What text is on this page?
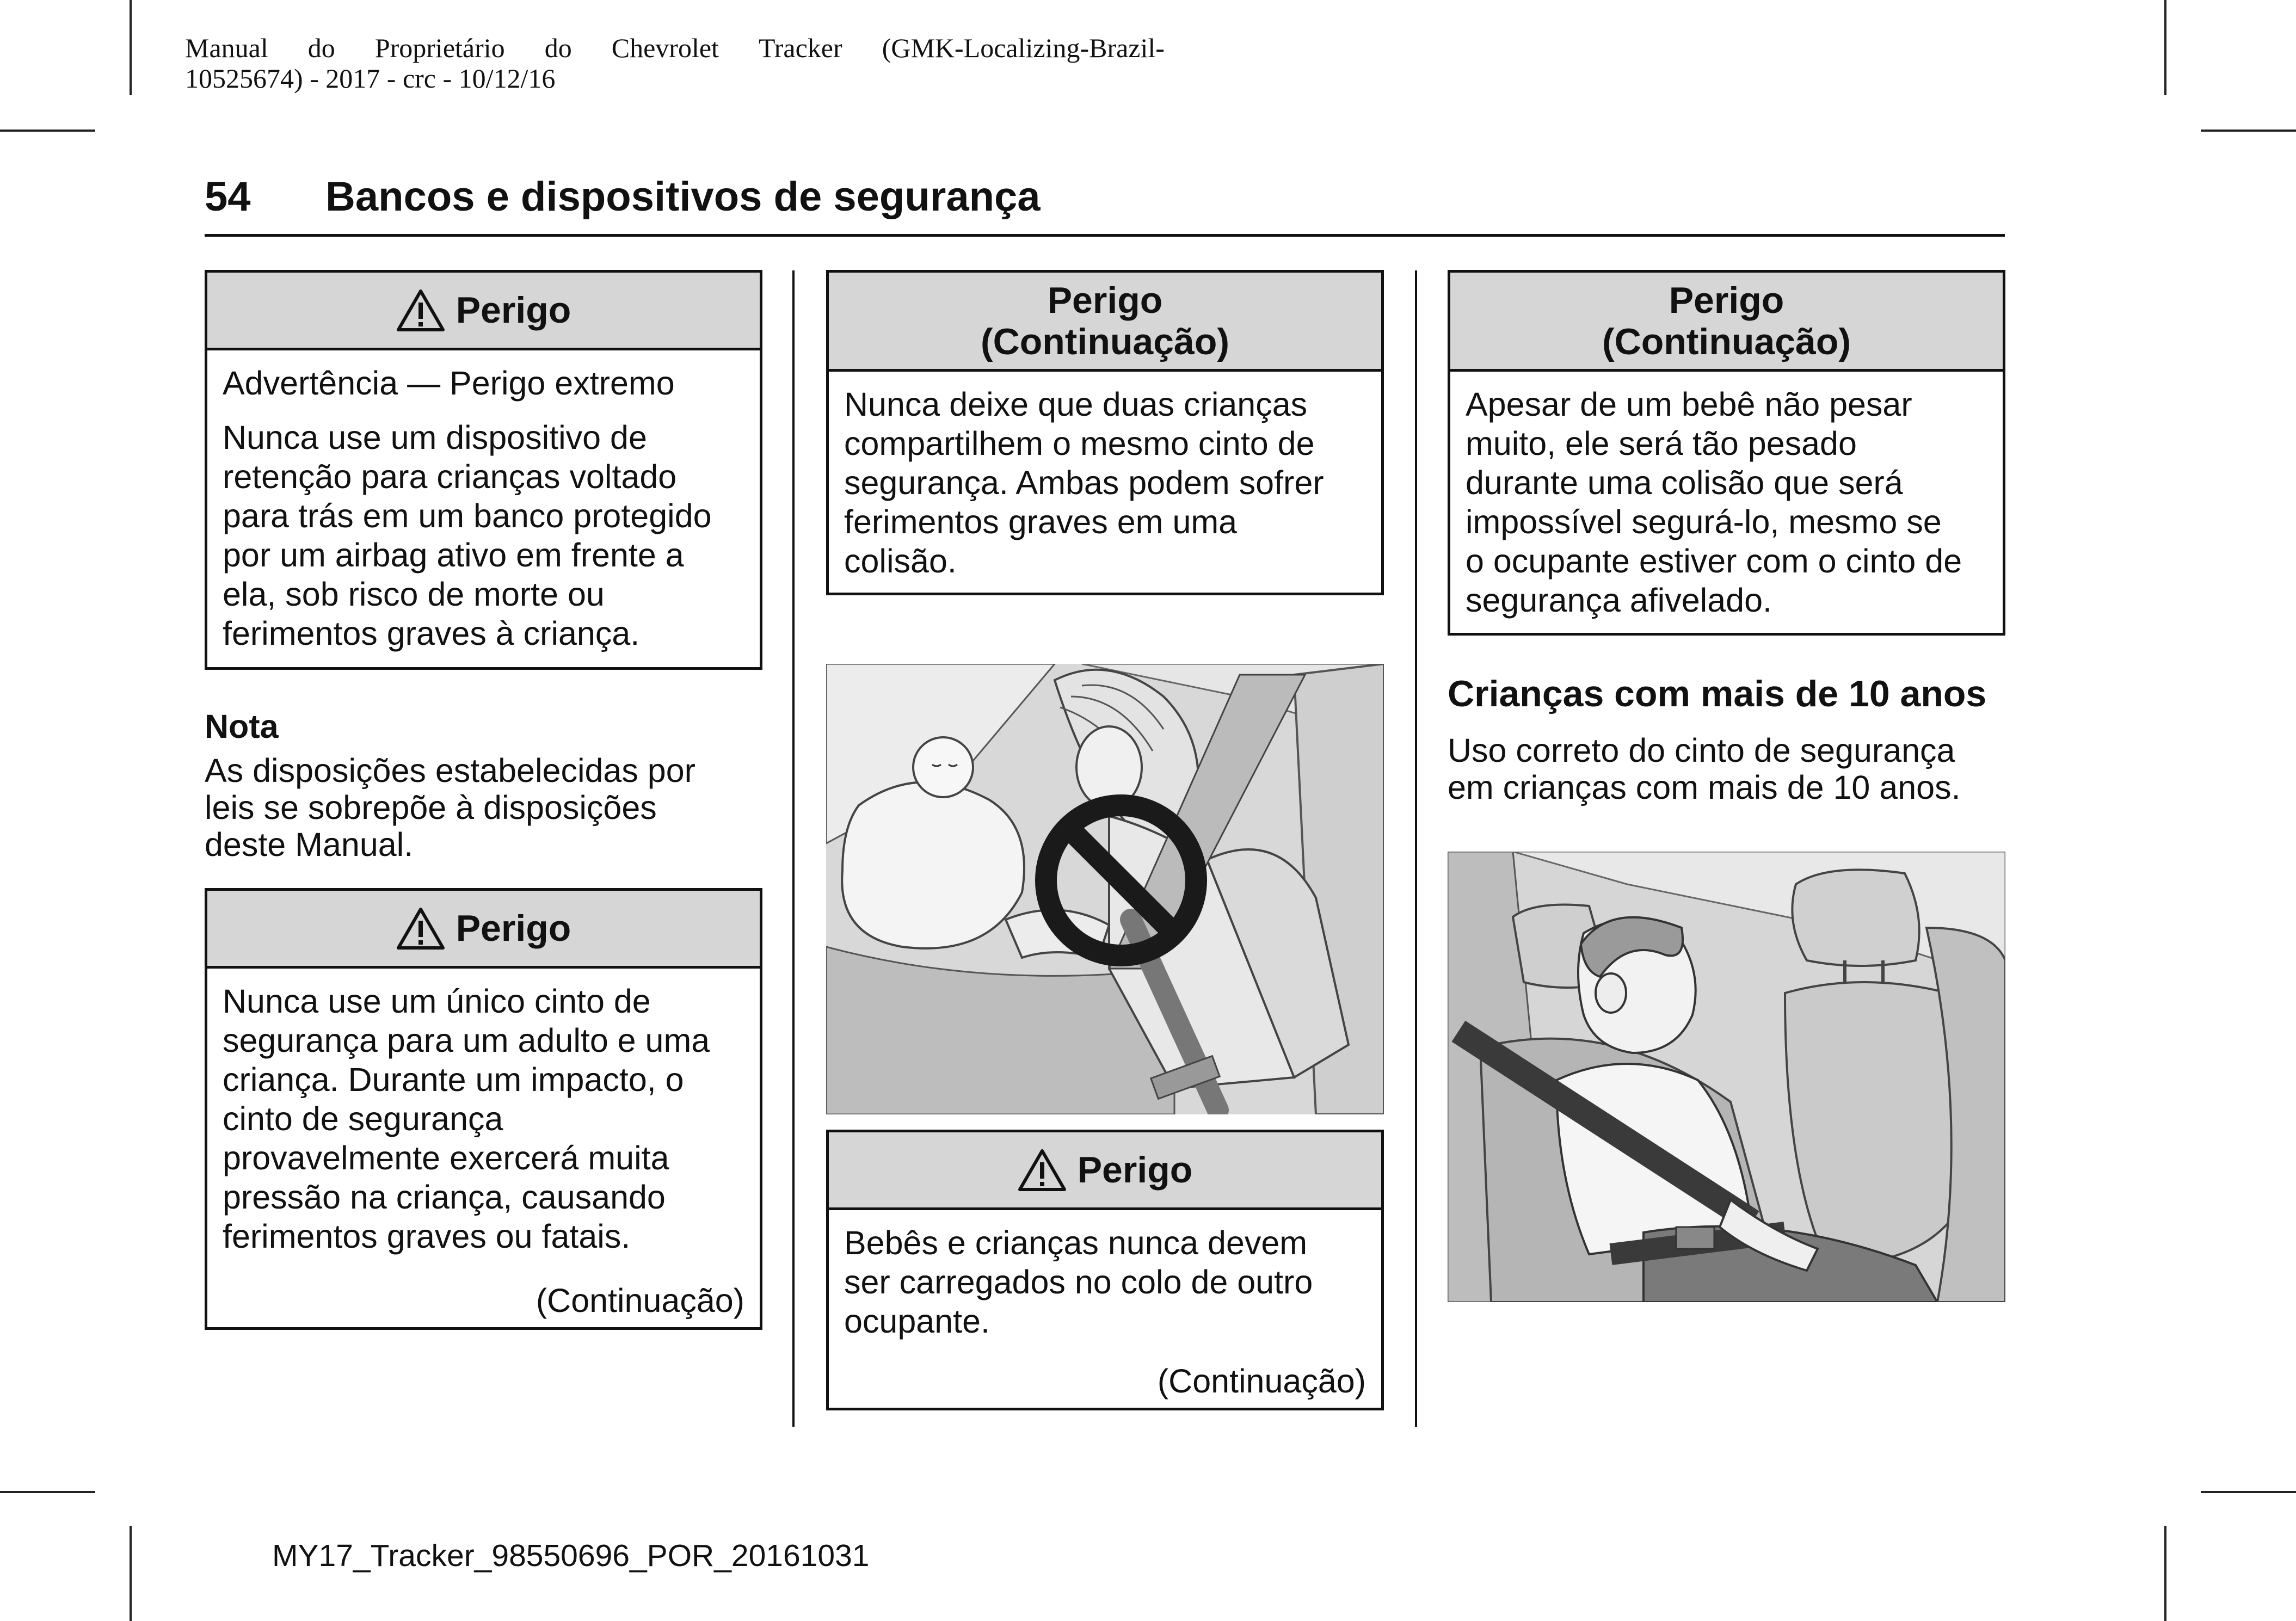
Manual do Proprietário do Chevrolet Tracker (GMK-Localizing-Brazil-
10525674) - 2017 - crc - 10/12/16
54 Bancos e dispositivos de segurança
Perigo

Advertência — Perigo extremo

Nunca use um dispositivo de
retenção para crianças voltado
para trás em um banco protegido
por um airbag ativo em frente a
ela, sob risco de morte ou
ferimentos graves à criança.

Nota
As disposições estabelecidas por
leis se sobrepõe à disposições
deste Manual.
Perigo

Nunca use um único cinto de
segurança para um adulto e uma
criança. Durante um impacto, o
cinto de segurança
provavelmente exercerá muita
pressão na criança, causando
ferimentos graves ou fatais.

(Continuação)
Perigo
(Continuação)

Nunca deixe que duas crianças
compartilhem o mesmo cinto de
segurança. Ambas podem sofrer
ferimentos graves em uma
colisão.

Perigo

Bebês e crianças nunca devem
ser carregados no colo de outro
ocupante.

(Continuação)
Perigo
(Continuação)

Apesar de um bebê não pesar
muito, ele será tão pesado
durante uma colisão que será
impossível segurá-lo, mesmo se
o ocupante estiver com o cinto de
segurança afivelado.

Crianças com mais de 10 anos
Uso correto do cinto de segurança
em crianças com mais de 10 anos.
MY17_Tracker_98550696_POR_20161031
